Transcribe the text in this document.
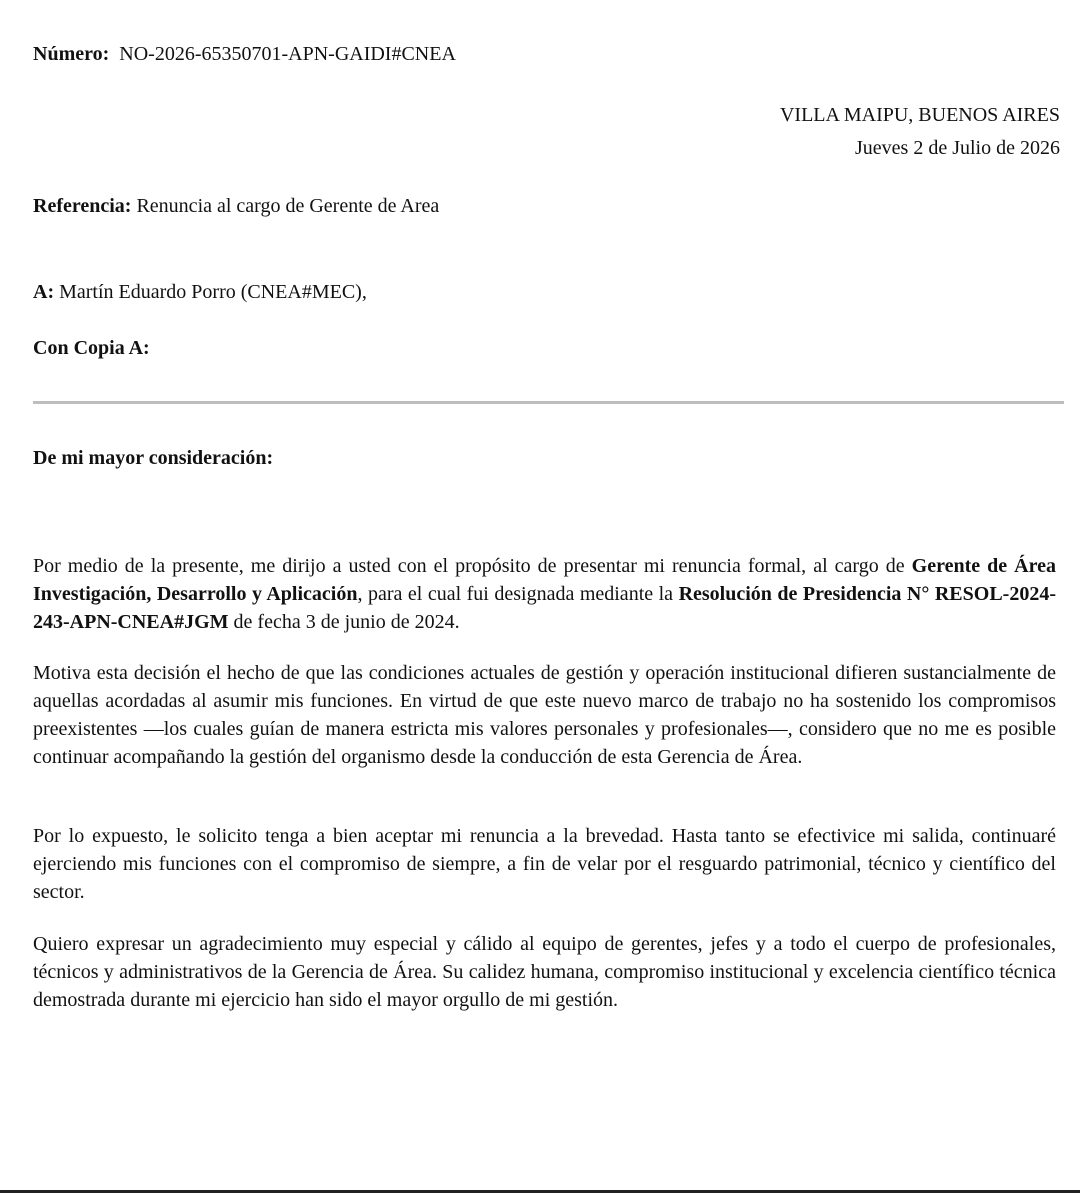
Número: NO-2026-65350701-APN-GAIDI#CNEA
VILLA MAIPU, BUENOS AIRES
Jueves 2 de Julio de 2026
Referencia: Renuncia al cargo de Gerente de Area
A: Martín Eduardo Porro (CNEA#MEC),
Con Copia A:
De mi mayor consideración:
Por medio de la presente, me dirijo a usted con el propósito de presentar mi renuncia formal, al cargo de Gerente de Área Investigación, Desarrollo y Aplicación, para el cual fui designada mediante la Resolución de Presidencia N° RESOL-2024-243-APN-CNEA#JGM de fecha 3 de junio de 2024.
Motiva esta decisión el hecho de que las condiciones actuales de gestión y operación institucional difieren sustancialmente de aquellas acordadas al asumir mis funciones. En virtud de que este nuevo marco de trabajo no ha sostenido los compromisos preexistentes —los cuales guían de manera estricta mis valores personales y profesionales—, considero que no me es posible continuar acompañando la gestión del organismo desde la conducción de esta Gerencia de Área.
Por lo expuesto, le solicito tenga a bien aceptar mi renuncia a la brevedad. Hasta tanto se efectivice mi salida, continuaré ejerciendo mis funciones con el compromiso de siempre, a fin de velar por el resguardo patrimonial, técnico y científico del sector.
Quiero expresar un agradecimiento muy especial y cálido al equipo de gerentes, jefes y a todo el cuerpo de profesionales, técnicos y administrativos de la Gerencia de Área. Su calidez humana, compromiso institucional y excelencia científico técnica demostrada durante mi ejercicio han sido el mayor orgullo de mi gestión.
